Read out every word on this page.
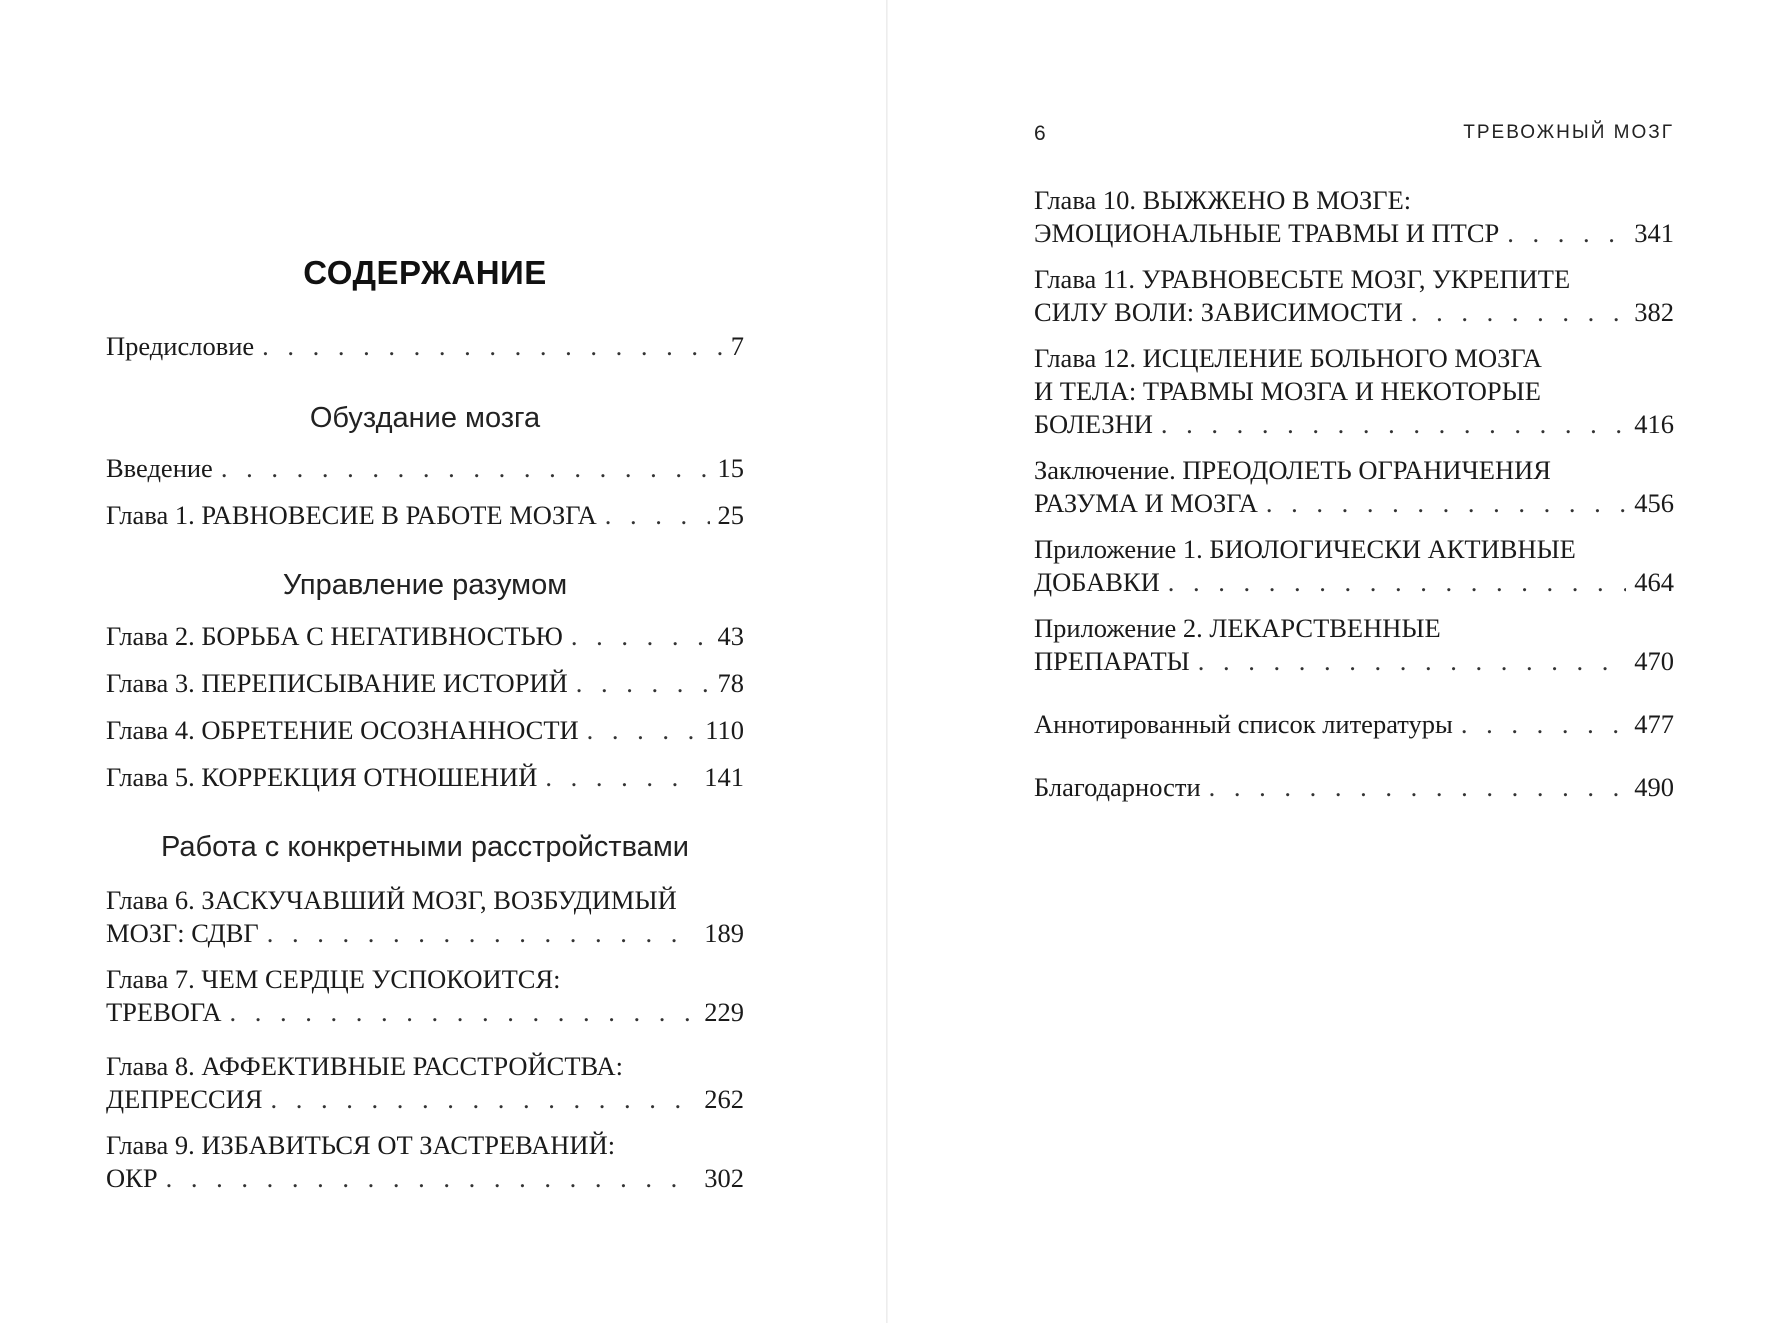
6	ТРЕВОЖНЫЙ МОЗГ
СОДЕРЖАНИЕ
Предисловие . . .	7
Обуздание мозга
Введение . . .	15
Глава 1. РАВНОВЕСИЕ В РАБОТЕ МОЗГА . . .	25
Управление разумом
Глава 2. БОРЬБА С НЕГАТИВНОСТЬЮ . . .	43
Глава 3. ПЕРЕПИСЫВАНИЕ ИСТОРИЙ . . .	78
Глава 4. ОБРЕТЕНИЕ ОСОЗНАННОСТИ . . .	110
Глава 5. КОРРЕКЦИЯ ОТНОШЕНИЙ . . .	141
Работа с конкретными расстройствами
Глава 6. ЗАСКУЧАВШИЙ МОЗГ, ВОЗБУДИМЫЙ
МОЗГ: СДВГ . . .	189
Глава 7. ЧЕМ СЕРДЦЕ УСПОКОИТСЯ:
ТРЕВОГА . . .	229
Глава 8. АФФЕКТИВНЫЕ РАССТРОЙСТВА:
ДЕПРЕССИЯ . . .	262
Глава 9. ИЗБАВИТЬСЯ ОТ ЗАСТРЕВАНИЙ:
ОКР . . .	302
Глава 10. ВЫЖЖЕНО В МОЗГЕ:
ЭМОЦИОНАЛЬНЫЕ ТРАВМЫ И ПТСР . . .	341
Глава 11. УРАВНОВЕСЬТЕ МОЗГ, УКРЕПИТЕ
СИЛУ ВОЛИ: ЗАВИСИМОСТИ . . .	382
Глава 12. ИСЦЕЛЕНИЕ БОЛЬНОГО МОЗГА
И ТЕЛА: ТРАВМЫ МОЗГА И НЕКОТОРЫЕ
БОЛЕЗНИ . . .	416
Заключение. ПРЕОДОЛЕТЬ ОГРАНИЧЕНИЯ
РАЗУМА И МОЗГА . . .	456
Приложение 1. БИОЛОГИЧЕСКИ АКТИВНЫЕ
ДОБАВКИ . . .	464
Приложение 2. ЛЕКАРСТВЕННЫЕ
ПРЕПАРАТЫ . . .	470
Аннотированный список литературы . . .	477
Благодарности . . .	490
